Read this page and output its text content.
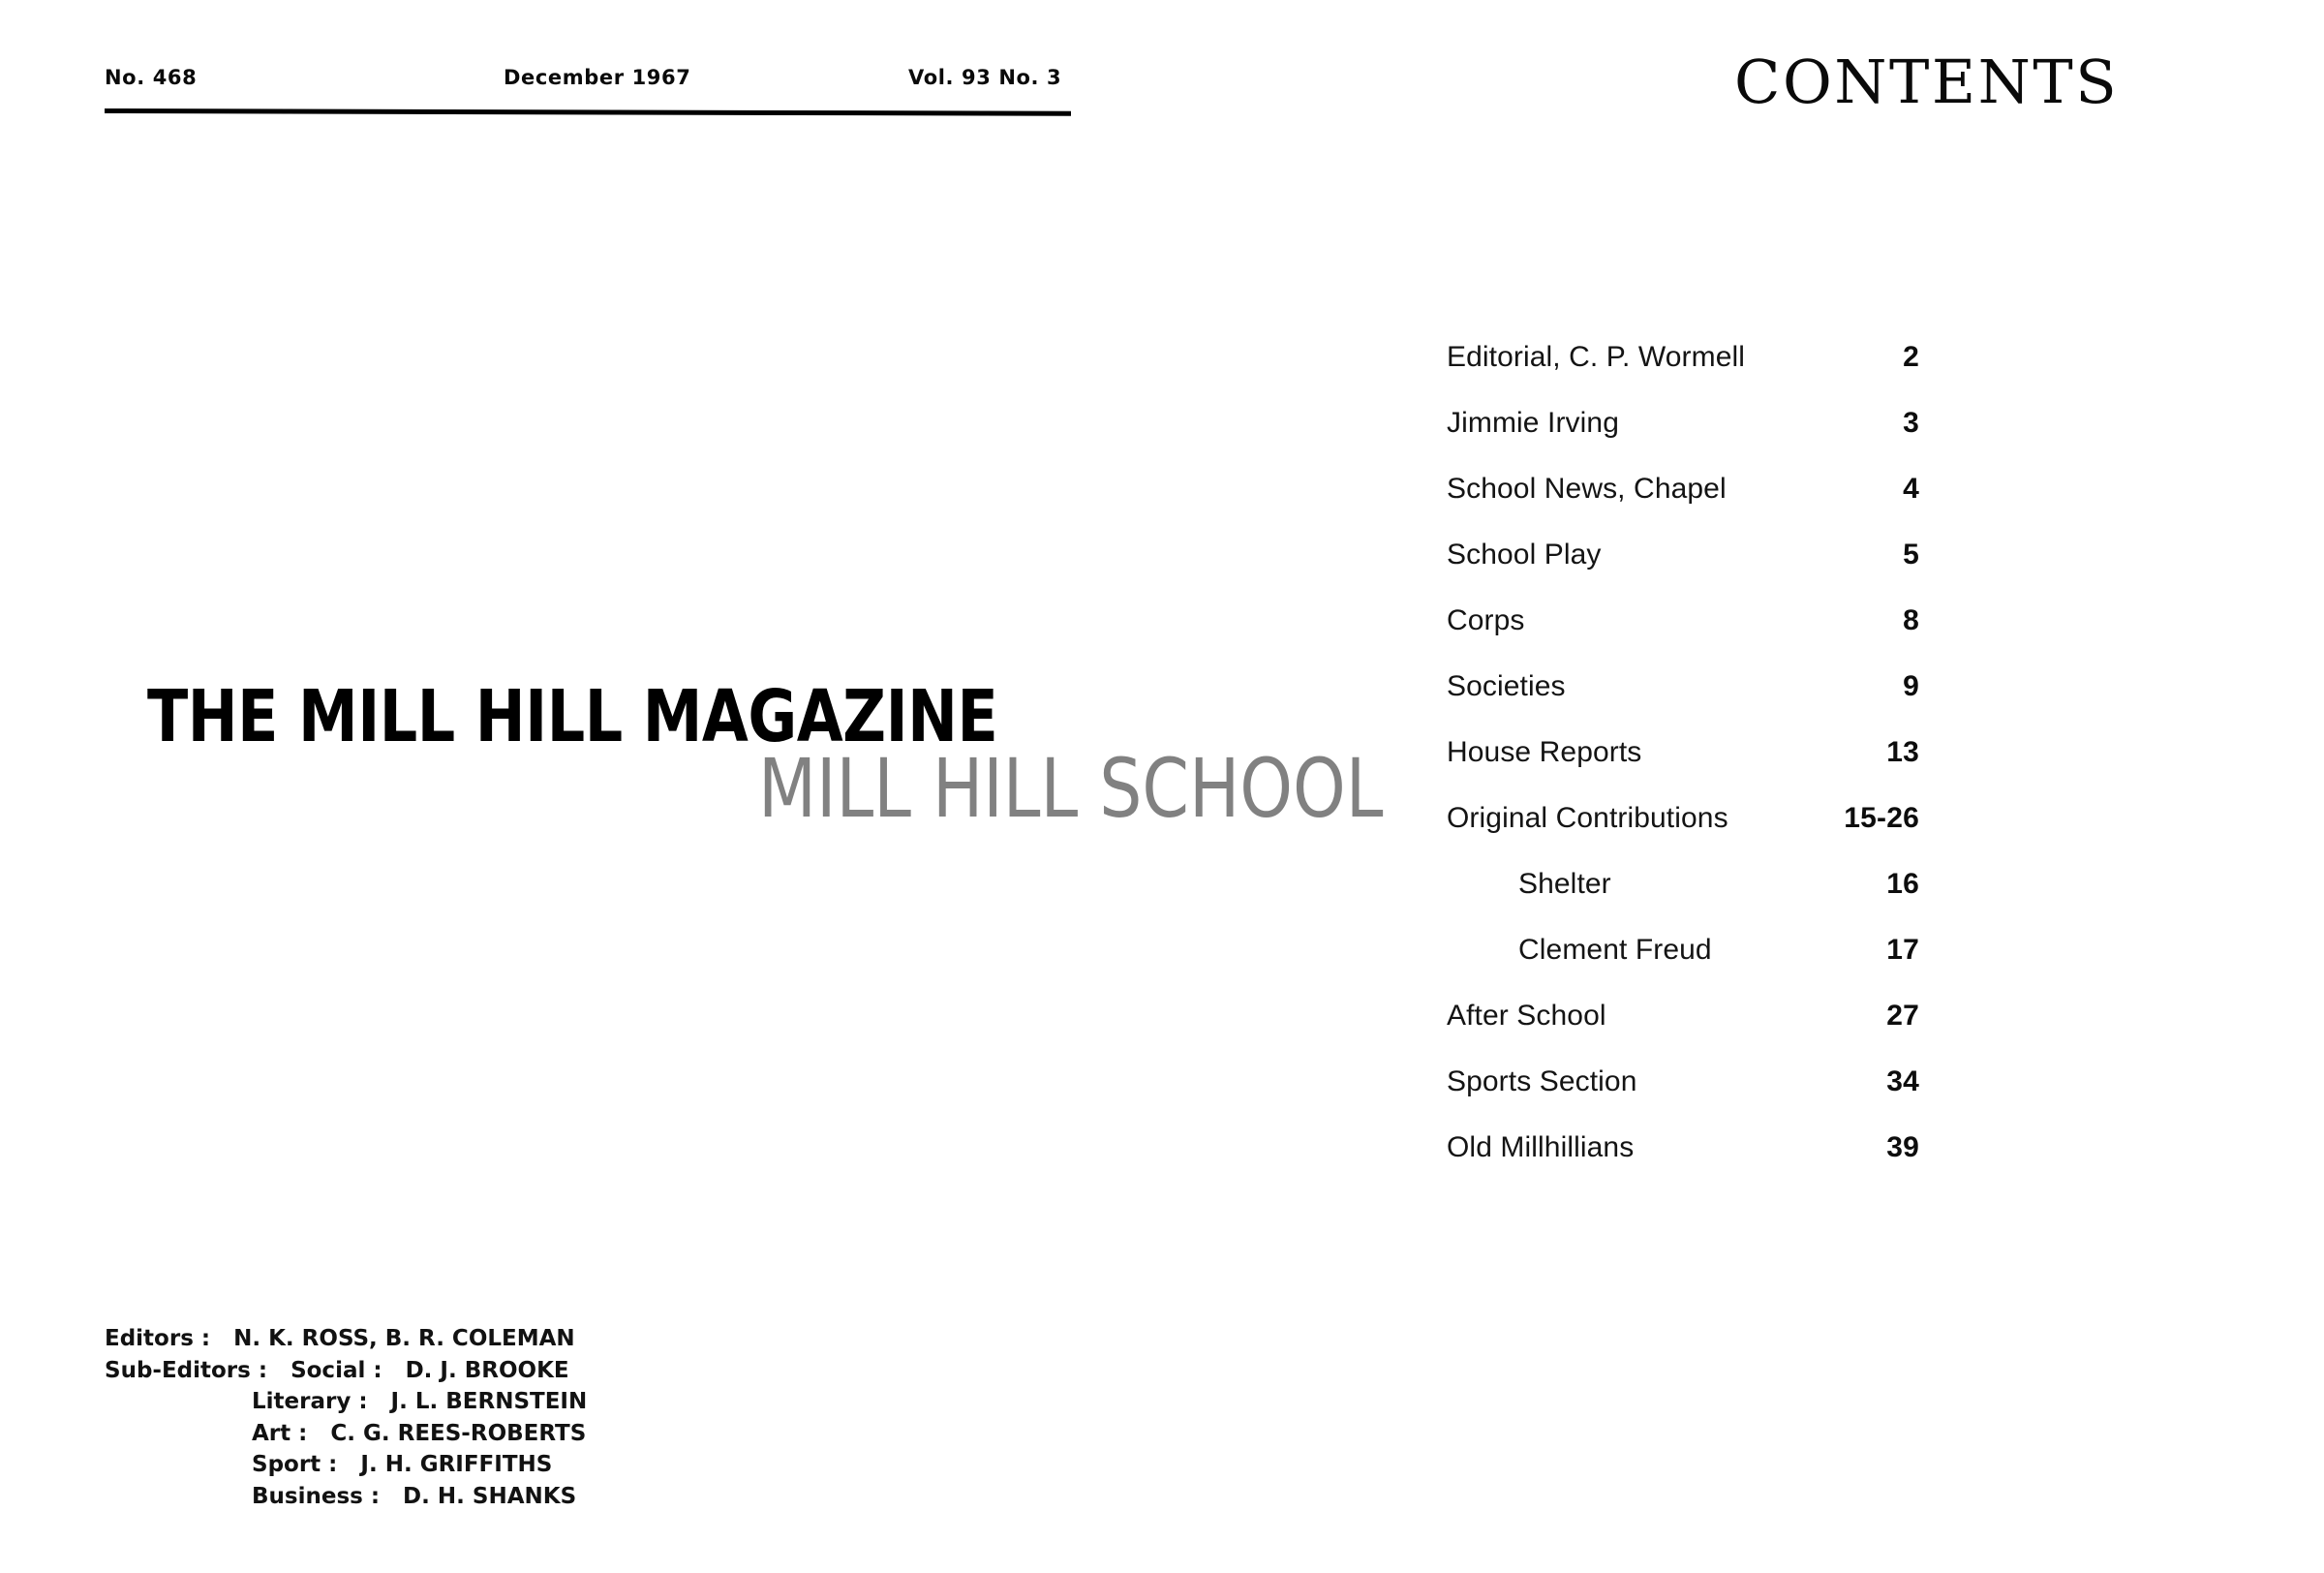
No. 468	December 1967	Vol. 93 No. 3	CONTENTS
THE MILL HILL MAGAZINE
MILL HILL SCHOOL
Editorial, C. P. Wormell	2
Jimmie Irving	3
School News, Chapel	4
School Play	5
Corps	8
Societies	9
House Reports	13
Original Contributions	15-26
Shelter	16
Clement Freud	17
After School	27
Sports Section	34
Old Millhillians	39
Editors :   N. K. ROSS, B. R. COLEMAN
Sub-Editors :   Social :   D. J. BROOKE
Literary :   J. L. BERNSTEIN
Art :   C. G. REES-ROBERTS
Sport :   J. H. GRIFFITHS
Business :   D. H. SHANKS
